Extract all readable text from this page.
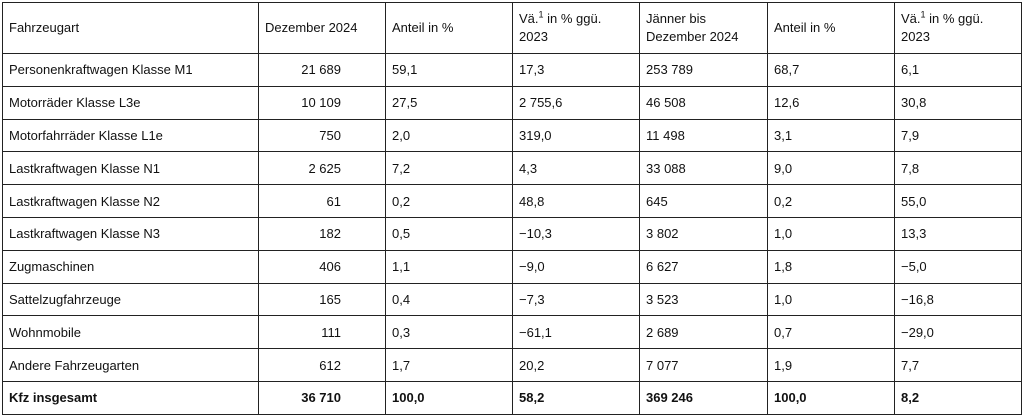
Fahrzeugart	Dezember 2024	Anteil in %	Vä.$^1$ in % ggü. 2023	Jänner bis Dezember 2024	Anteil in %	Vä.$^1$ in % ggü. 2023
Personenkraftwagen Klasse M1	21 689	59,1	17,3	253 789	68,7	6,1
Motorräder Klasse L3e	10 109	27,5	2 755,6	46 508	12,6	30,8
Motorfahrräder Klasse L1e	750	2,0	319,0	11 498	3,1	7,9
Lastkraftwagen Klasse N1	2 625	7,2	4,3	33 088	9,0	7,8
Lastkraftwagen Klasse N2	61	0,2	48,8	645	0,2	55,0
Lastkraftwagen Klasse N3	182	0,5	−10,3	3 802	1,0	13,3
Zugmaschinen	406	1,1	−9,0	6 627	1,8	−5,0
Sattelzugfahrzeuge	165	0,4	−7,3	3 523	1,0	−16,8
Wohnmobile	111	0,3	−61,1	2 689	0,7	−29,0
Andere Fahrzeugarten	612	1,7	20,2	7 077	1,9	7,7
Kfz insgesamt	36 710	100,0	58,2	369 246	100,0	8,2
